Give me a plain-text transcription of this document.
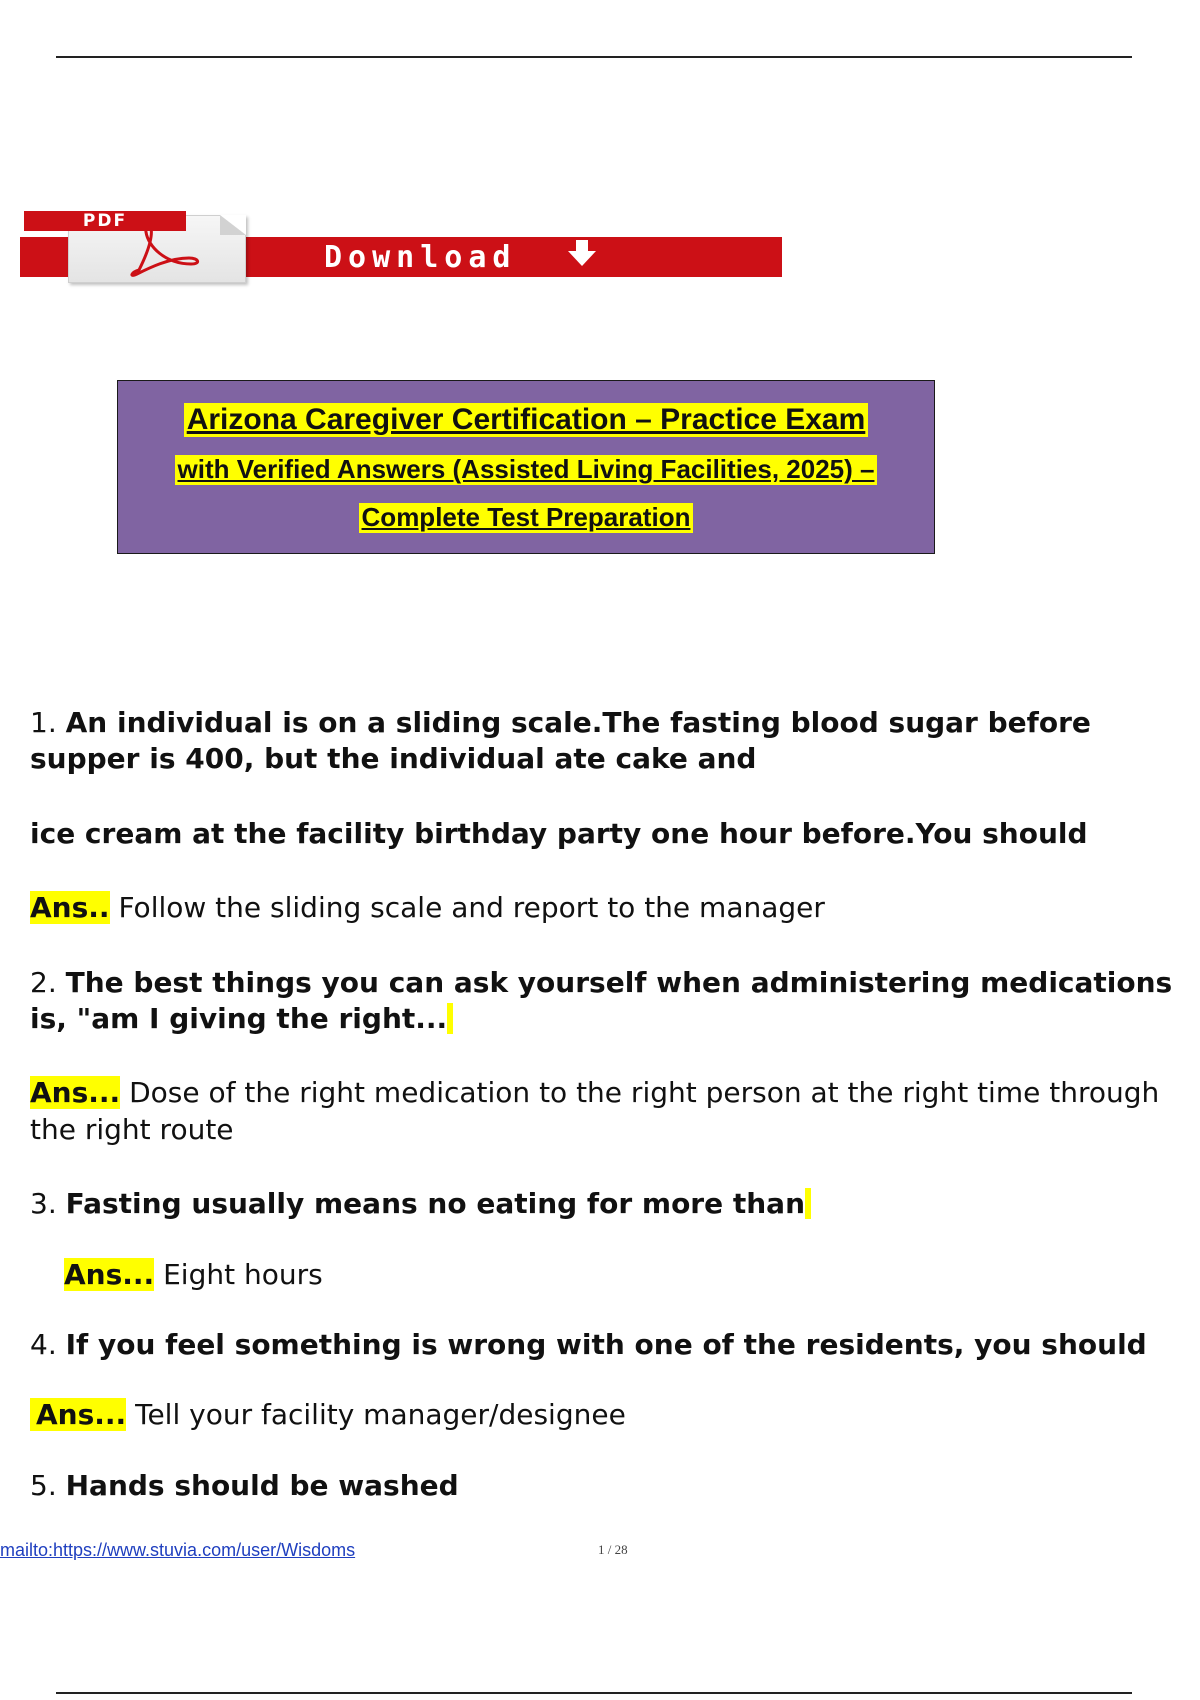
Download
PDF
Arizona Caregiver Certification – Practice Exam
with Verified Answers (Assisted Living Facilities, 2025) –
Complete Test Preparation

1. An individual is on a sliding scale.The fasting blood sugar before supper is 400, but the individual ate cake and

ice cream at the facility birthday party one hour before.You should

Ans.. Follow the sliding scale and report to the manager

2. The best things you can ask yourself when administering medications is, "am I giving the right...

Ans... Dose of the right medication to the right person at the right time through the right route

3. Fasting usually means no eating for more than

Ans... Eight hours

4. If you feel something is wrong with one of the residents, you should

Ans... Tell your facility manager/designee

5. Hands should be washed

mailto:https://www.stuvia.com/user/Wisdoms	1 / 28
